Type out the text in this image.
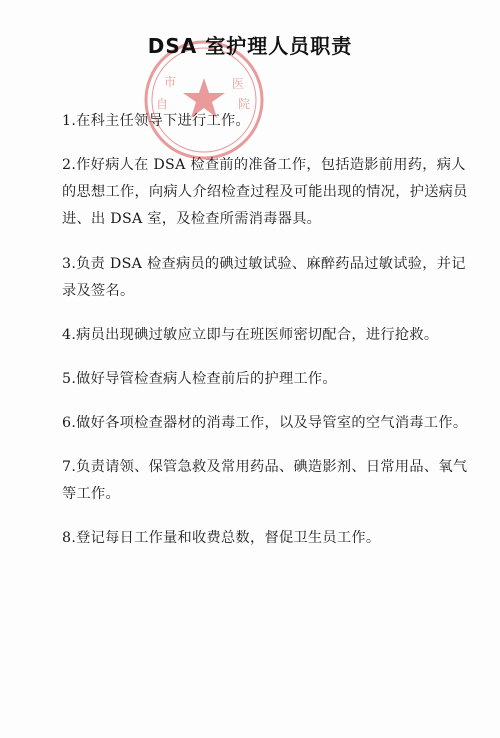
市	医
院
自
DSA 室护理人员职责

1.在科主任领导下进行工作。

2.作好病人在 DSA 检查前的准备工作，包括造影前用药，病人的思想工作，向病人介绍检查过程及可能出现的情况，护送病员进、出 DSA 室，及检查所需消毒器具。

3.负责 DSA 检查病员的碘过敏试验、麻醉药品过敏试验，并记录及签名。

4.病员出现碘过敏应立即与在班医师密切配合，进行抢救。

5.做好导管检查病人检查前后的护理工作。

6.做好各项检查器材的消毒工作，以及导管室的空气消毒工作。

7.负责请领、保管急救及常用药品、碘造影剂、日常用品、氧气等工作。

8.登记每日工作量和收费总数，督促卫生员工作。
